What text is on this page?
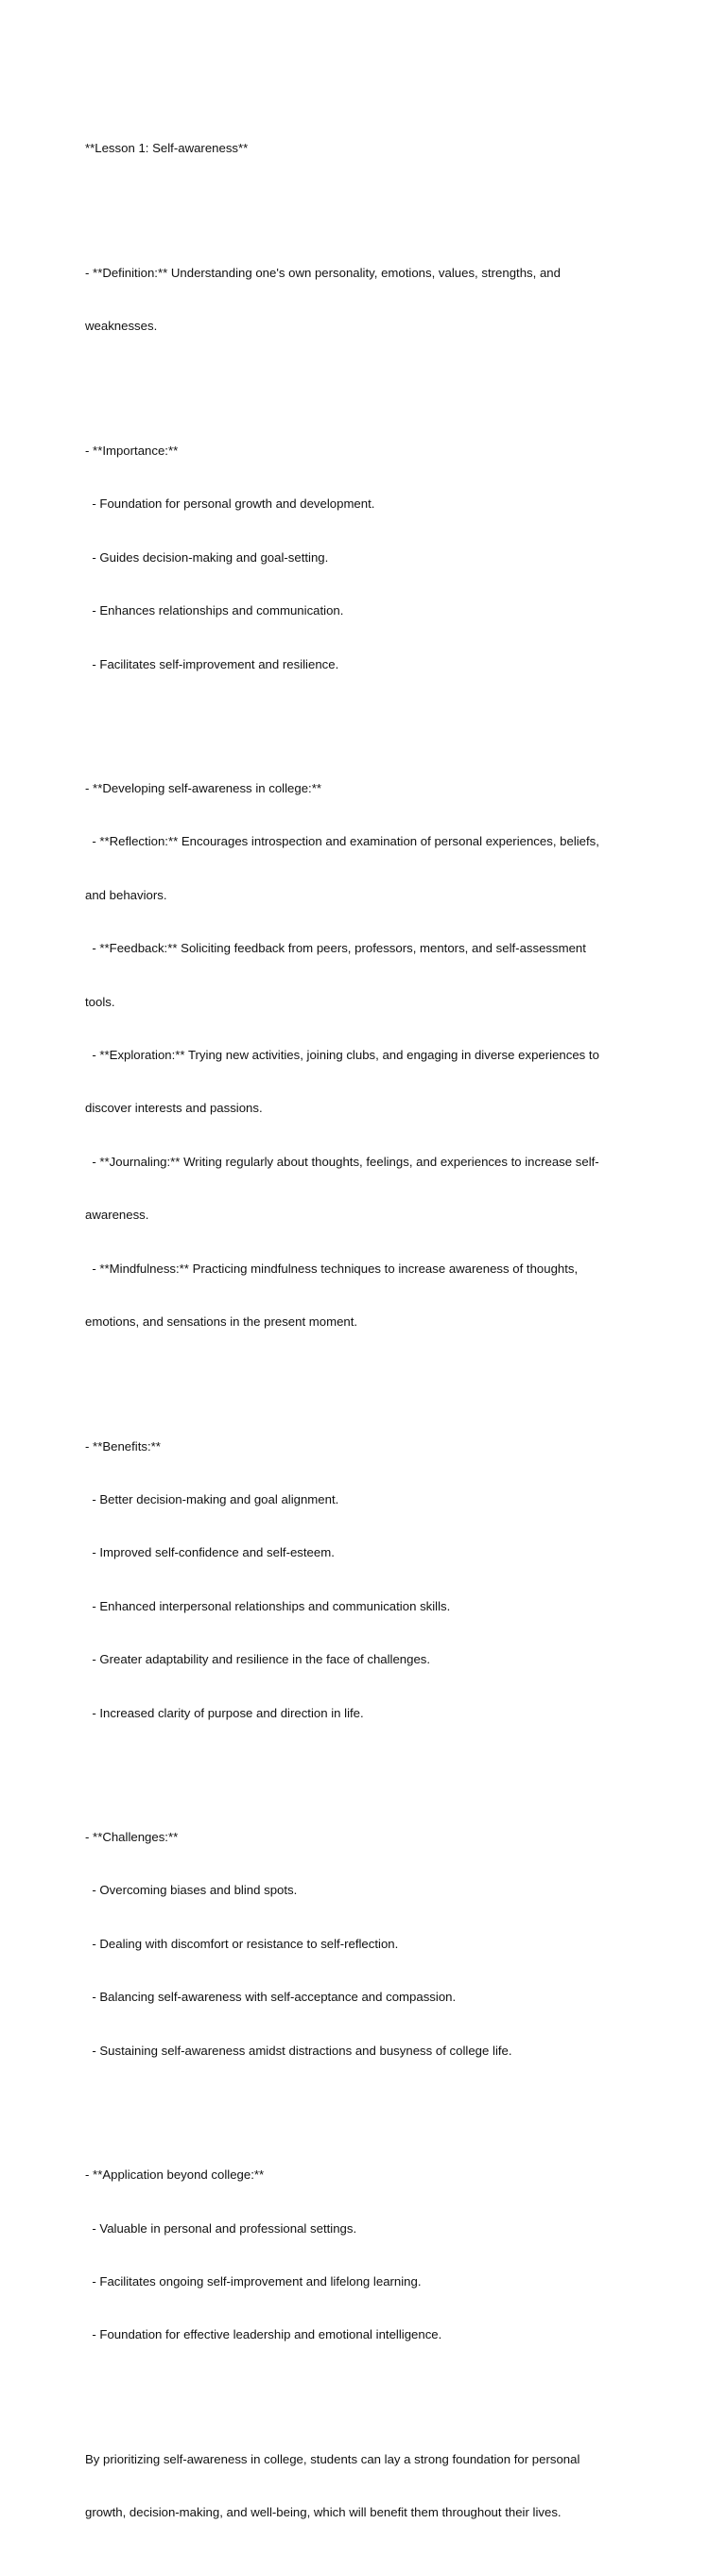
**Lesson 1: Self-awareness**

- **Definition:** Understanding one's own personality, emotions, values, strengths, and

weaknesses.

- **Importance:**

- Foundation for personal growth and development.

- Guides decision-making and goal-setting.

- Enhances relationships and communication.

- Facilitates self-improvement and resilience.

- **Developing self-awareness in college:**

- **Reflection:** Encourages introspection and examination of personal experiences, beliefs,

and behaviors.

- **Feedback:** Soliciting feedback from peers, professors, mentors, and self-assessment

tools.

- **Exploration:** Trying new activities, joining clubs, and engaging in diverse experiences to

discover interests and passions.

- **Journaling:** Writing regularly about thoughts, feelings, and experiences to increase self-

awareness.

- **Mindfulness:** Practicing mindfulness techniques to increase awareness of thoughts,

emotions, and sensations in the present moment.

- **Benefits:**

- Better decision-making and goal alignment.

- Improved self-confidence and self-esteem.

- Enhanced interpersonal relationships and communication skills.

- Greater adaptability and resilience in the face of challenges.

- Increased clarity of purpose and direction in life.

- **Challenges:**

- Overcoming biases and blind spots.

- Dealing with discomfort or resistance to self-reflection.

- Balancing self-awareness with self-acceptance and compassion.

- Sustaining self-awareness amidst distractions and busyness of college life.

- **Application beyond college:**

- Valuable in personal and professional settings.

- Facilitates ongoing self-improvement and lifelong learning.

- Foundation for effective leadership and emotional intelligence.

By prioritizing self-awareness in college, students can lay a strong foundation for personal

growth, decision-making, and well-being, which will benefit them throughout their lives.
